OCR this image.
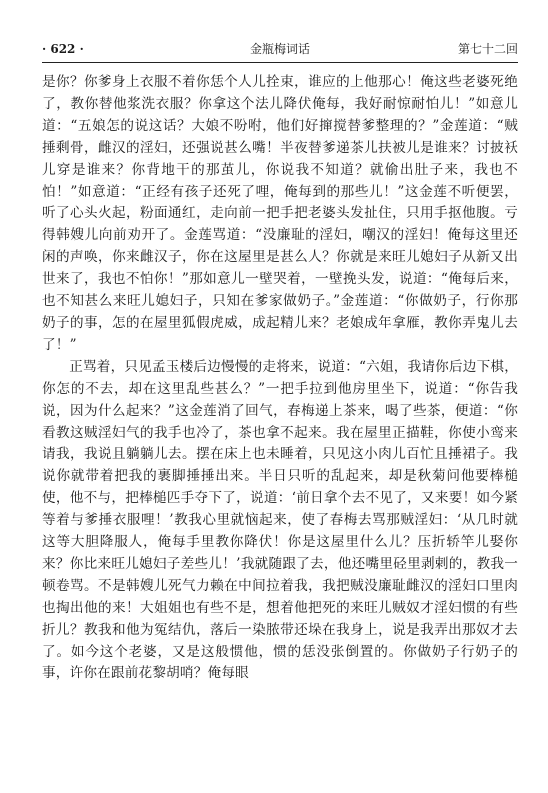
· 622 ·	金瓶梅词话	第七十二回

是你？你爹身上衣服不着你恁个人儿拴束，谁应的上他那心！俺这些老婆死绝了，教你替他浆洗衣服？你拿这个法儿降伏俺每，我好耐惊耐怕儿！”如意儿道：“五娘怎的说这话？大娘不吩咐，他们好撺搅替爹整理的？”金莲道：“贼捶剩骨，雌汉的淫妇，还强说甚么嘴！半夜替爹递茶儿扶被儿是谁来？讨披袄儿穿是谁来？你背地干的那茧儿，你说我不知道？就偷出肚子来，我也不怕！”如意道：“正经有孩子还死了哩，俺每到的那些儿！”这金莲不听便罢，听了心头火起，粉面通红，走向前一把手把老婆头发扯住，只用手抠他腹。亏得韩嫂儿向前劝开了。金莲骂道：“没廉耻的淫妇，嘲汉的淫妇！俺每这里还闲的声唤，你来雌汉子，你在这屋里是甚么人？你就是来旺儿媳妇子从新又出世来了，我也不怕你！”那如意儿一壁哭着，一壁挽头发，说道：“俺每后来，也不知甚么来旺儿媳妇子，只知在爹家做奶子。”金莲道：“你做奶子，行你那奶子的事，怎的在屋里狐假虎威，成起精儿来？老娘成年拿雁，教你弄鬼儿去了！”

正骂着，只见孟玉楼后边慢慢的走将来，说道：“六姐，我请你后边下棋，你怎的不去，却在这里乱些甚么？”一把手拉到他房里坐下，说道：“你告我说，因为什么起来？”这金莲消了回气，春梅递上茶来，喝了些茶，便道：“你看教这贼淫妇气的我手也冷了，茶也拿不起来。我在屋里正描鞋，你使小鸾来请我，我说且躺躺儿去。摆在床上也未睡着，只见这小肉儿百忙且捶裙子。我说你就带着把我的裹脚捶捶出来。半日只听的乱起来，却是秋菊问他要棒槌使，他不与，把棒槌匹手夺下了，说道：‘前日拿个去不见了，又来要！如今紧等着与爹捶衣服哩！’教我心里就恼起来，使了春梅去骂那贼淫妇：‘从几时就这等大胆降服人，俺每手里教你降伏！你是这屋里什么儿？压折轿竿儿娶你来？你比来旺儿媳妇子差些儿！’我就随跟了去，他还嘴里硁里剥剌的，教我一顿卷骂。不是韩嫂儿死气力赖在中间拉着我，我把贼没廉耻雌汉的淫妇口里肉也掏出他的来！大姐姐也有些不是，想着他把死的来旺儿贼奴才淫妇惯的有些折儿？教我和他为冤结仇，落后一染脓带还垛在我身上，说是我弄出那奴才去了。如今这个老婆，又是这般惯他，惯的恁没张倒置的。你做奶子行奶子的事，许你在跟前花黎胡哨？俺每眼
